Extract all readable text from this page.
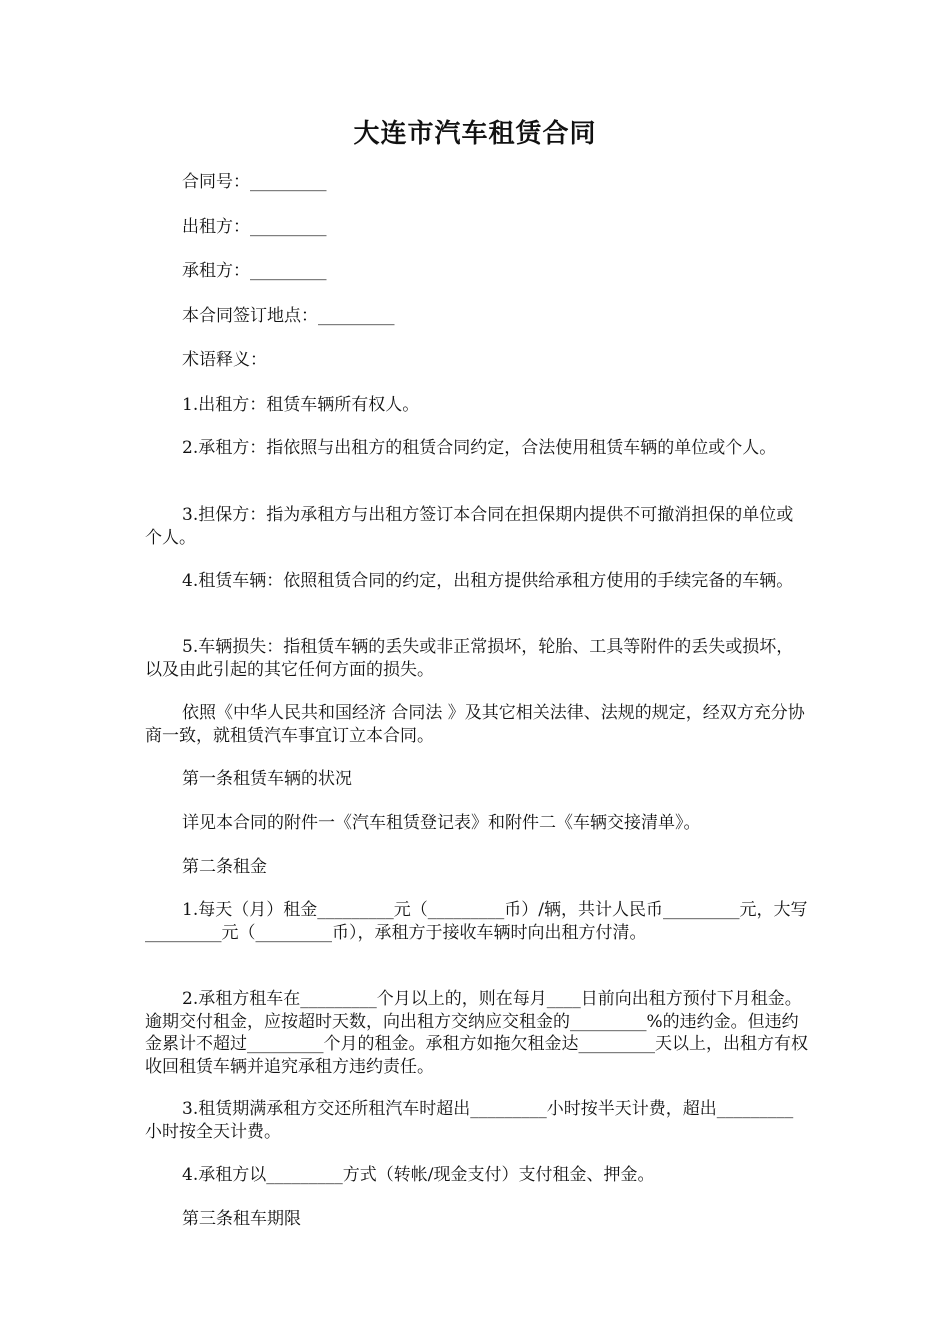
大连市汽车租赁合同
合同号：_________
出租方：_________
承租方：_________
本合同签订地点：_________
术语释义：
1.出租方：租赁车辆所有权人。
2.承租方：指依照与出租方的租赁合同约定，合法使用租赁车辆的单位或个人。
3.担保方：指为承租方与出租方签订本合同在担保期内提供不可撤消担保的单位或个人。
4.租赁车辆：依照租赁合同的约定，出租方提供给承租方使用的手续完备的车辆。
5.车辆损失：指租赁车辆的丢失或非正常损坏，轮胎、工具等附件的丢失或损坏，以及由此引起的其它任何方面的损失。
依照《中华人民共和国经济 合同法 》及其它相关法律、法规的规定，经双方充分协商一致，就租赁汽车事宜订立本合同。
第一条租赁车辆的状况
详见本合同的附件一《汽车租赁登记表》和附件二《车辆交接清单》。
第二条租金
1.每天（月）租金_________元（_________币）/辆，共计人民币_________元，大写_________元（_________币），承租方于接收车辆时向出租方付清。
2.承租方租车在_________个月以上的，则在每月____日前向出租方预付下月租金。逾期交付租金，应按超时天数，向出租方交纳应交租金的_________%的违约金。但违约金累计不超过_________个月的租金。承租方如拖欠租金达_________天以上，出租方有权收回租赁车辆并追究承租方违约责任。
3.租赁期满承租方交还所租汽车时超出_________小时按半天计费，超出_________小时按全天计费。
4.承租方以_________方式（转帐/现金支付）支付租金、押金。
第三条租车期限
